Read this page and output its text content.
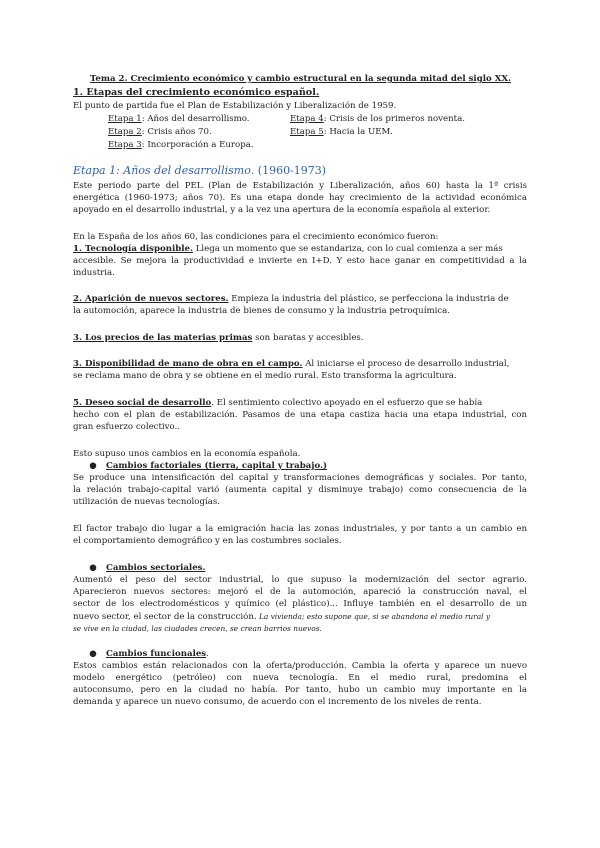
Tema 2. Crecimiento económico y cambio estructural en la segunda mitad del siglo XX.
1. Etapas del crecimiento económico español.
El punto de partida fue el Plan de Estabilización y Liberalización de 1959.
Etapa 1: Años del desarrollismo.	Etapa 4: Crisis de los primeros noventa.
Etapa 2: Crisis años 70.	Etapa 5: Hacia la UEM.
Etapa 3: Incorporación a Europa.
Etapa 1: Años del desarrollismo. (1960-1973)
Este periodo parte del PEL (Plan de Estabilización y Liberalización, años 60) hasta la 1ª crisis
energética (1960-1973; años 70). Es una etapa donde hay crecimiento de la actividad económica
apoyado en el desarrollo industrial, y a la vez una apertura de la economía española al exterior.
En la España de los años 60, las condiciones para el crecimiento económico fueron:
1. Tecnología disponible. Llega un momento que se estandariza, con lo cual comienza a ser más
accesible. Se mejora la productividad e invierte en I+D. Y esto hace ganar en competitividad a la
industria.
2. Aparición de nuevos sectores. Empieza la industria del plástico, se perfecciona la industria de
la automoción, aparece la industria de bienes de consumo y la industria petroquímica.
3. Los precios de las materias primas son baratas y accesibles.
3. Disponibilidad de mano de obra en el campo. Al iniciarse el proceso de desarrollo industrial,
se reclama mano de obra y se obtiene en el medio rural. Esto transforma la agricultura.
5. Deseo social de desarrollo. El sentimiento colectivo apoyado en el esfuerzo que se había
hecho con el plan de estabilización. Pasamos de una etapa castiza hacia una etapa industrial, con
gran esfuerzo colectivo..
Esto supuso unos cambios en la economía española.
● Cambios factoriales (tierra, capital y trabajo.)
Se produce una intensificación del capital y transformaciones demográficas y sociales. Por tanto,
la relación trabajo-capital varió (aumenta capital y disminuye trabajo) como consecuencia de la
utilización de nuevas tecnologías.
El factor trabajo dio lugar a la emigración hacia las zonas industriales, y por tanto a un cambio en
el comportamiento demográfico y en las costumbres sociales.
● Cambios sectoriales.
Aumentó el peso del sector industrial, lo que supuso la modernización del sector agrario.
Aparecieron nuevos sectores: mejoró el de la automoción, apareció la construcción naval, el
sector de los electrodomésticos y químico (el plástico)... Influye también en el desarrollo de un
nuevo sector, el sector de la construcción. La vivienda; esto supone que, si se abandona el medio rural y
se vive en la ciudad, las ciudades crecen, se crean barrios nuevos.
● Cambios funcionales.
Estos cambios están relacionados con la oferta/producción. Cambia la oferta y aparece un nuevo
modelo energético (petróleo) con nueva tecnología. En el medio rural, predomina el
autoconsumo, pero en la ciudad no había. Por tanto, hubo un cambio muy importante en la
demanda y aparece un nuevo consumo, de acuerdo con el incremento de los niveles de renta.
